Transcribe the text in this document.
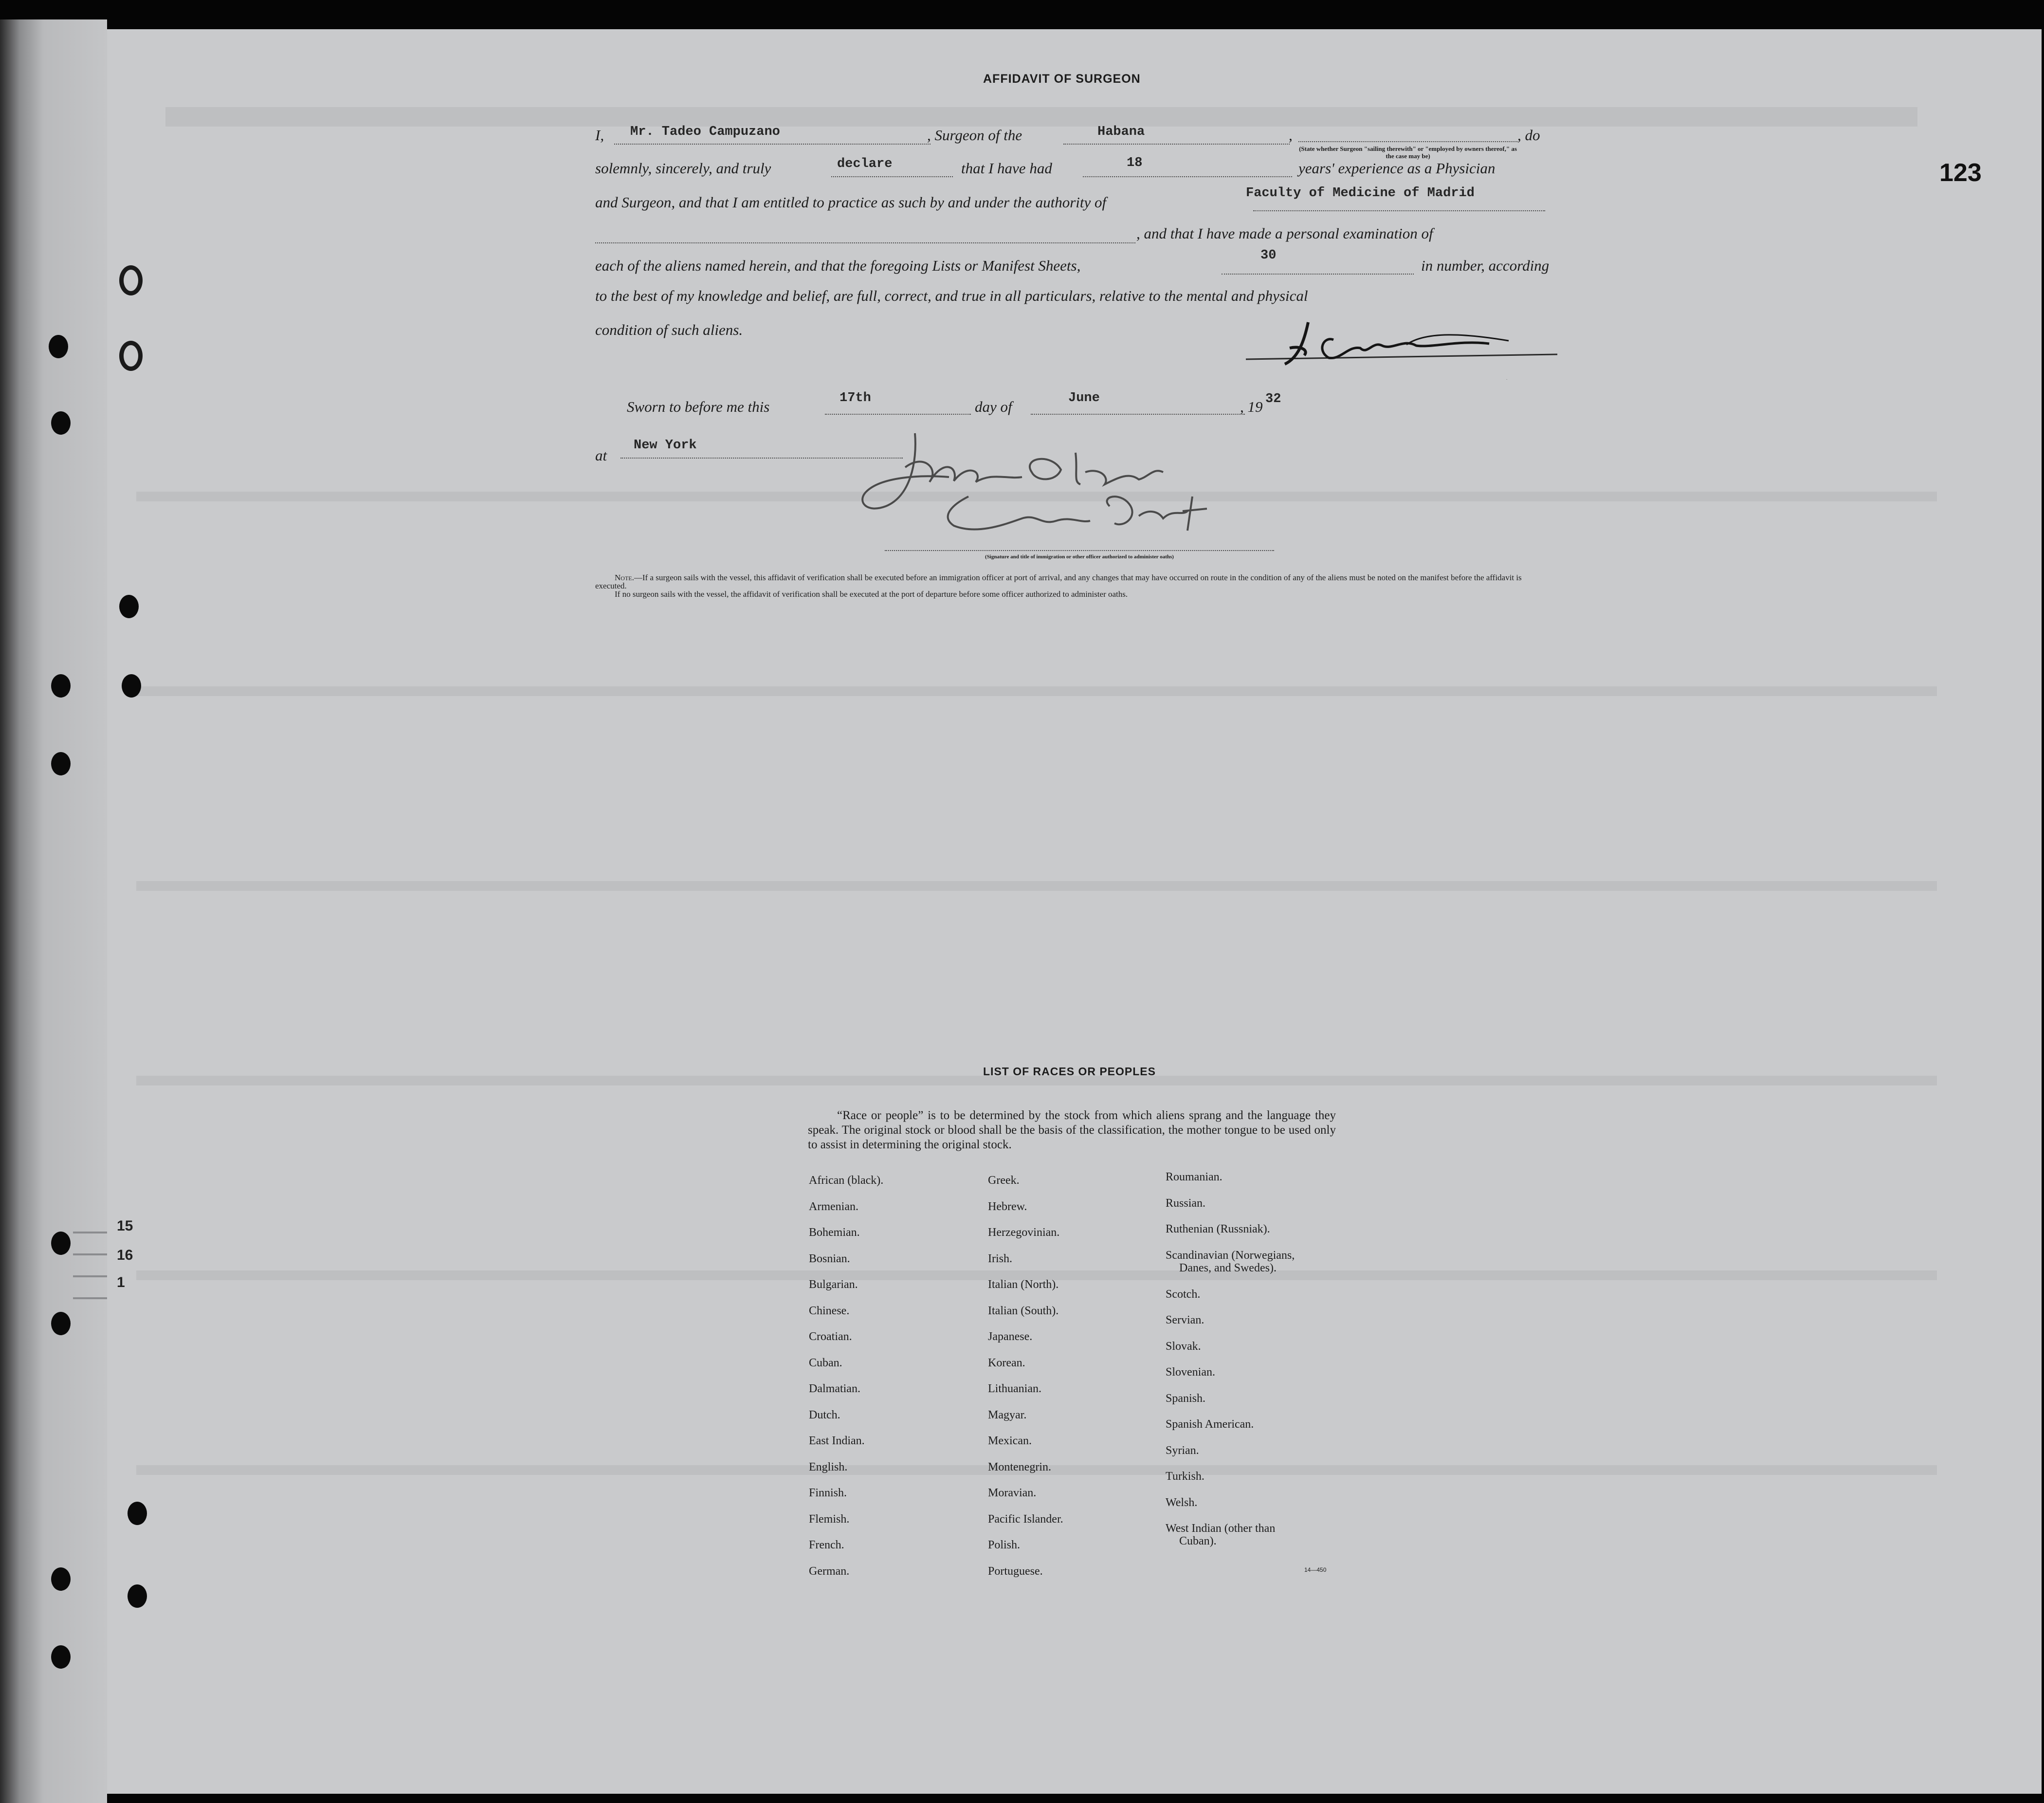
15
16
1
123
AFFIDAVIT OF SURGEON
I, Mr. Tadeo Campuzano	, Surgeon of the	Habana	,
(State whether Surgeon "sailing therewith" or "employed by owners thereof," as the case may be)
, do
solemnly, sincerely, and truly	declare	that I have had	18	years' experience as a Physician
and Surgeon, and that I am entitled to practice as such by and under the authority of
Faculty of Medicine of Madrid
, and that I have made a personal examination of
each of the aliens named herein, and that the foregoing Lists or Manifest Sheets,
30
in number, according
to the best of my knowledge and belief, are full, correct, and true in all particulars, relative to the mental and physical
condition of such aliens.
Sworn to before me this	17th	day of	June	, 19 32
at
New York
(Signature and title of immigration or other officer authorized to administer oaths)
Note.—If a surgeon sails with the vessel, this affidavit of verification shall be executed before an immigration officer at port of arrival, and any changes that may have occurred on route in the condition of any of the aliens must be noted on the manifest before the affidavit is executed.
If no surgeon sails with the vessel, the affidavit of verification shall be executed at the port of departure before some officer authorized to administer oaths.
LIST OF RACES OR PEOPLES
“Race or people” is to be determined by the stock from which aliens sprang and the language they speak. The original stock or blood shall be the basis of the classification, the mother tongue to be used only to assist in determining the original stock.
African (black).
Armenian.
Bohemian.
Bosnian.
Bulgarian.
Chinese.
Croatian.
Cuban.
Dalmatian.
Dutch.
East Indian.
English.
Finnish.
Flemish.
French.
German.
Greek.
Hebrew.
Herzegovinian.
Irish.
Italian (North).
Italian (South).
Japanese.
Korean.
Lithuanian.
Magyar.
Mexican.
Montenegrin.
Moravian.
Pacific Islander.
Polish.
Portuguese.
Roumanian.
Russian.
Ruthenian (Russniak).
Scandinavian (Norwegians,
Danes, and Swedes).
Scotch.
Servian.
Slovak.
Slovenian.
Spanish.
Spanish American.
Syrian.
Turkish.
Welsh.
West Indian (other than
Cuban).
14—450
